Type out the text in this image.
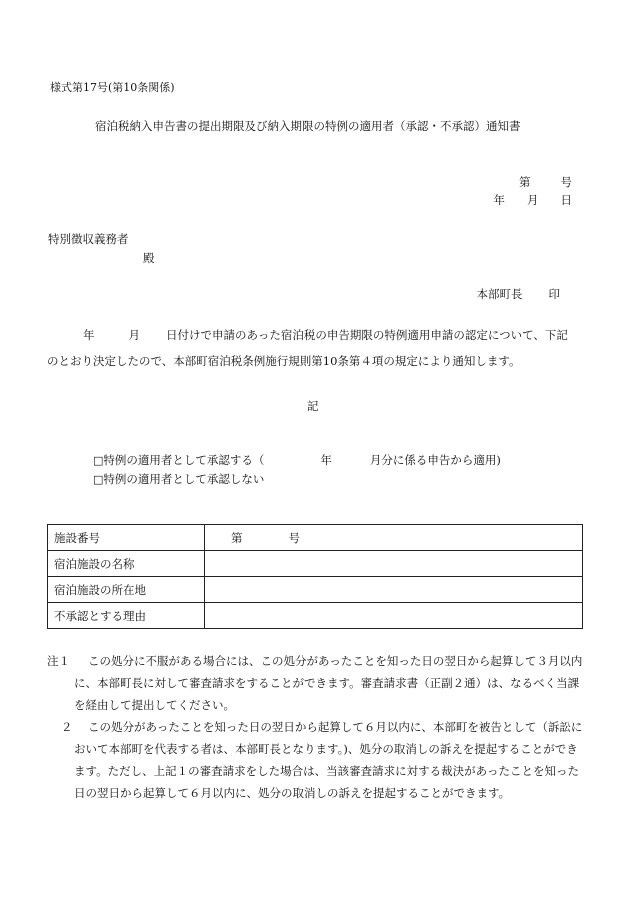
様式第17号(第10条関係)
宿泊税納入申告書の提出期限及び納入期限の特例の適用者（承認・不承認）通知書
第	号
年 月 日
特別徴収義務者
殿
本部町長 印
年	月 日付けで申請のあった宿泊税の申告期限の特例適用申請の認定について、下記のとおり決定したので、本部町宿泊税条例施行規則第10条第４項の規定により通知します。
記
□特例の適用者として承認する（	年	月分に係る申告から適用)
□特例の適用者として承認しない
施設番号	第 号
宿泊施設の名称	
宿泊施設の所在地	
不承認とする理由	
注１	この処分に不服がある場合には、この処分があったことを知った日の翌日から起算して３月以内に、本部町長に対して審査請求をすることができます。審査請求書（正副２通）は、なるべく当課を経由して提出してください。
２	この処分があったことを知った日の翌日から起算して６月以内に、本部町を被告として（訴訟において本部町を代表する者は、本部町長となります。)、処分の取消しの訴えを提起することができます。ただし、上記１の審査請求をした場合は、当該審査請求に対する裁決があったことを知った日の翌日から起算して６月以内に、処分の取消しの訴えを提起することができます。
